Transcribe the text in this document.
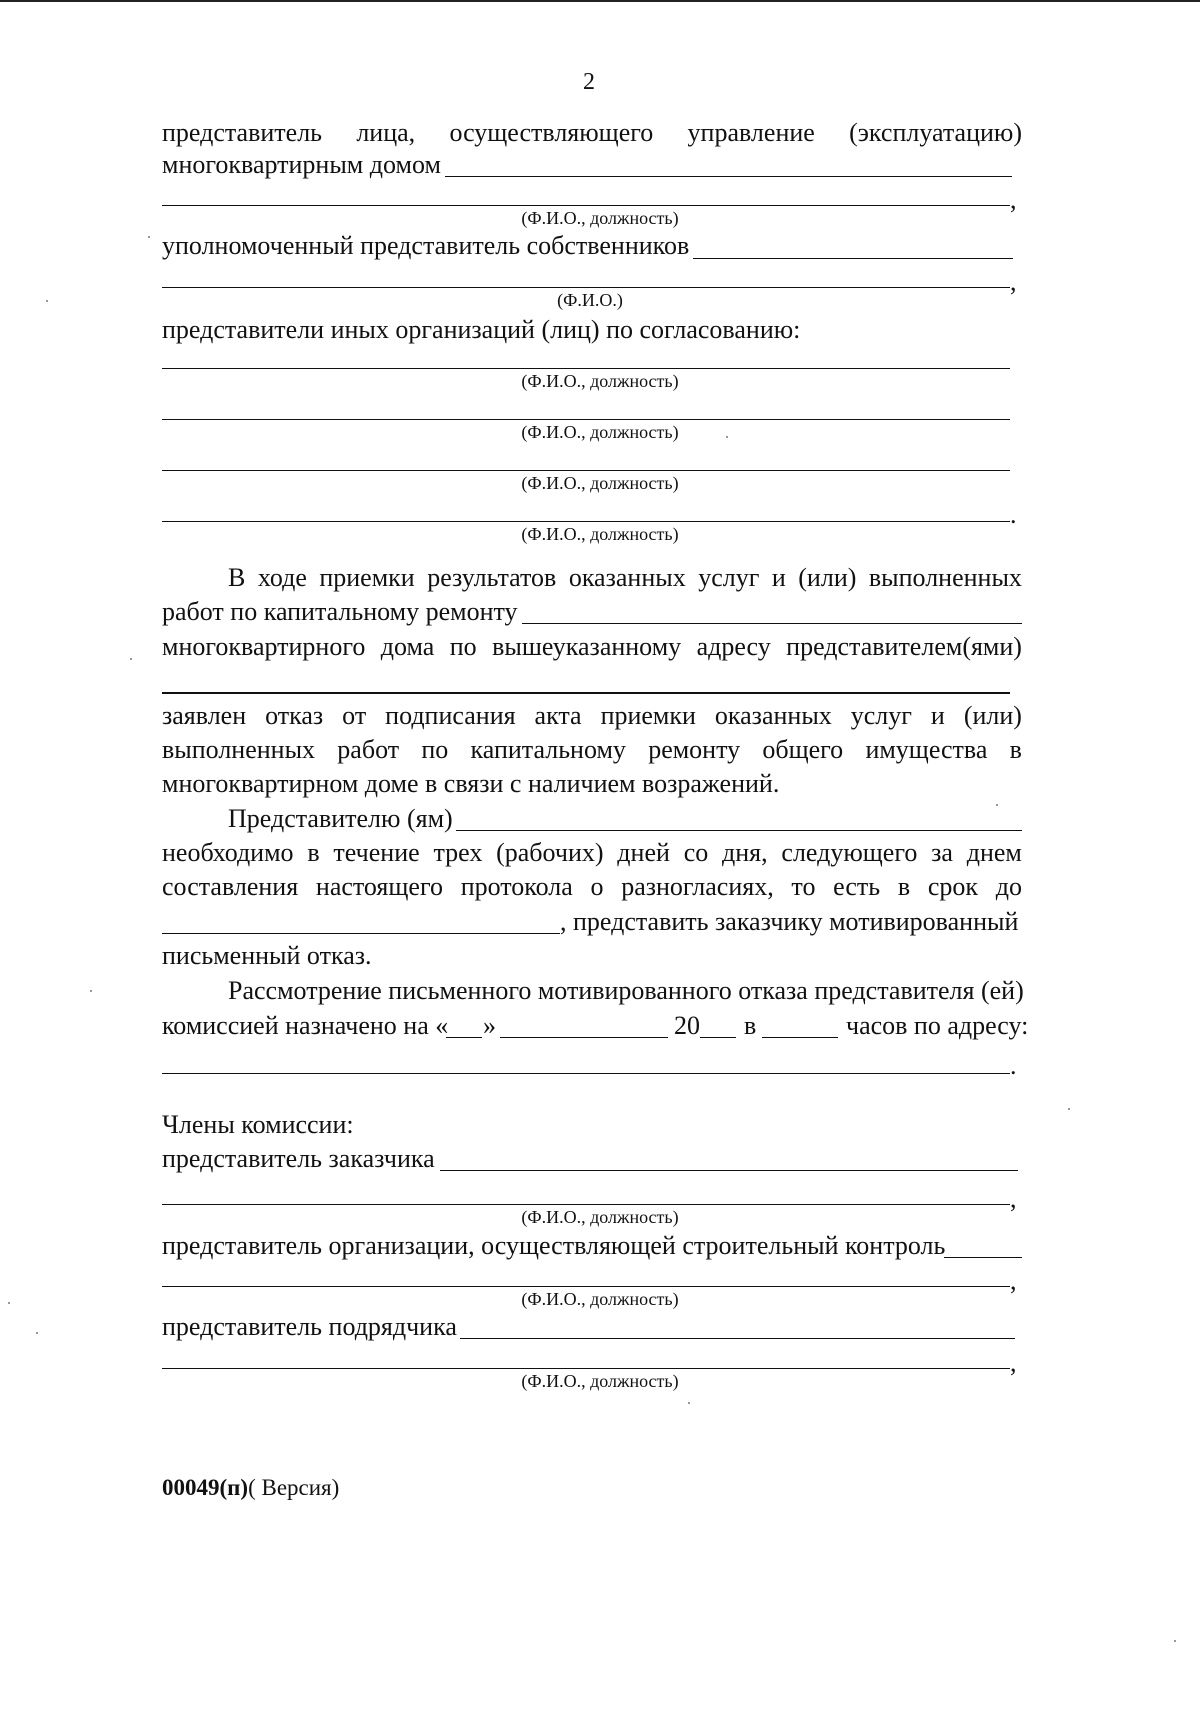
2
представитель лица, осуществляющего управление (эксплуатацию)
многоквартирным домом
,
(Ф.И.О., должность)
уполномоченный представитель собственников
,
(Ф.И.О.)
представители иных организаций (лиц) по согласованию:
(Ф.И.О., должность)
(Ф.И.О., должность)
(Ф.И.О., должность)
.
(Ф.И.О., должность)
В ходе приемки результатов оказанных услуг и (или) выполненных
работ по капитальному ремонту
многоквартирного дома по вышеуказанному адресу представителем(ями)
заявлен отказ от подписания акта приемки оказанных услуг и (или)
выполненных работ по капитальному ремонту общего имущества в
многоквартирном доме в связи с наличием возражений.
Представителю (ям)
необходимо в течение трех (рабочих) дней со дня, следующего за днем
составления настоящего протокола о разногласиях, то есть в срок до
, представить заказчику мотивированный
письменный отказ.
Рассмотрение письменного мотивированного отказа представителя (ей)
комиссией назначено на « »	20 в	часов по адресу:
.
Члены комиссии:
представитель заказчика
,
(Ф.И.О., должность)
представитель организации, осуществляющей строительный контроль
,
(Ф.И.О., должность)
представитель подрядчика
,
(Ф.И.О., должность)
00049(п)( Версия)
